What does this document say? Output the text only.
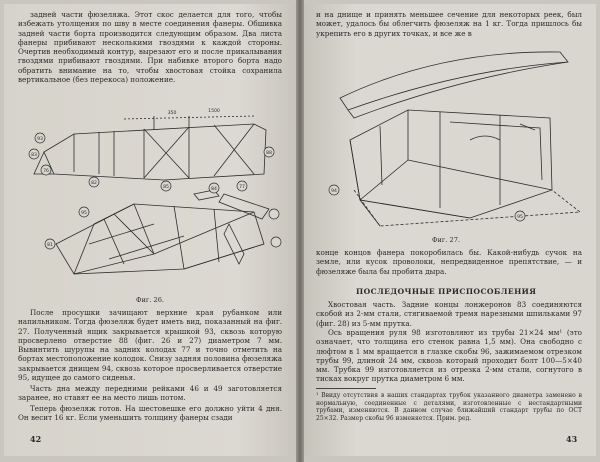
задней части фюзеляжа. Этот скос делается для того, чтобы избежать утолщения по шву в месте соединения фанеры. Обшивка задней части борта производится следующим образом. Два листа фанеры прибивают несколькими гвоздями к каждой стороны. Очертив необходимый контур, вырезают его и после прикалывания гвоздями прибивают гвоздями. При набивке второго борта надо обратить внимание на то, чтобы хвостовая стойка сохранила вертикальное (без перекоса) положение.

93
83
76
82
85	84	77
88
95
81
350	1500
Фиг. 26.

После просушки зачищают верхние края рубанком или напильником. Тогда фюзеляж будет иметь вид, показанный на фиг. 27. Полученный ящик закрывается крышкой 93, сквозь которую просверлено отверстие 88 (фиг. 26 и 27) диаметром 7 мм. Вывинтить шурупы на задних колодах 77 и точно отметить на бортах местоположение колодок. Снизу задняя половина фюзеляжа закрывается днищем 94, сквозь которое просверливается отверстие 95, идущее до самого сиденья.

Часть дна между передними рейками 46 и 49 заготовляется заранее, но ставят ее на место лишь потом.

Теперь фюзеляж готов. На шестовешке его должно уйти 4 дня. Он весит 16 кг. Если уменьшить толщину фанеры сзади

42

и на днище и принять меньшее сечение для некоторых реек, был может, удалось бы облегчить фюзеляж на 1 кг. Тогда пришлось бы укрепить его в других точках, и все же в

94
95
Фиг. 27.

конце концов фанера покоробилась бы. Какой-нибудь сучок на земле, или кусок проволоки, непредвиденное препятствие, — и фюзеляже была бы пробита дыра.

ПОСЛЕДОЧНЫЕ ПРИСПОСОБЛЕНИЯ

Хвостовая часть. Задние концы лонжеронов 83 соединяются скобой из 2-мм стали, стягиваемой тремя нарезными шпильками 97 (фиг. 28) из 5-мм прутка.

Ось вращения руля 98 изготовляют из трубы 21×24 мм¹ (это означает, что толщина его стенок равна 1,5 мм). Она свободно с люфтом в 1 мм вращается в глазке скобы 96, зажимаемом отрезком трубы 99, длиной 24 мм, сквозь который проходит болт 100—5×40 мм. Трубка 99 изготовляется из отрезка 2-мм стали, согнутого в тисках вокруг прутка диаметром 6 мм.

¹ Ввиду отсутствия в наших стандартах трубок указанного диаметра заменено в нормальную, соединенные с деталями, изготовленные с нестандартными трубами, изменяются. В данном случае ближайший стандарт трубы по ОСТ 25×32. Размер скобы 96 изменяется. Прим. ред.

43
